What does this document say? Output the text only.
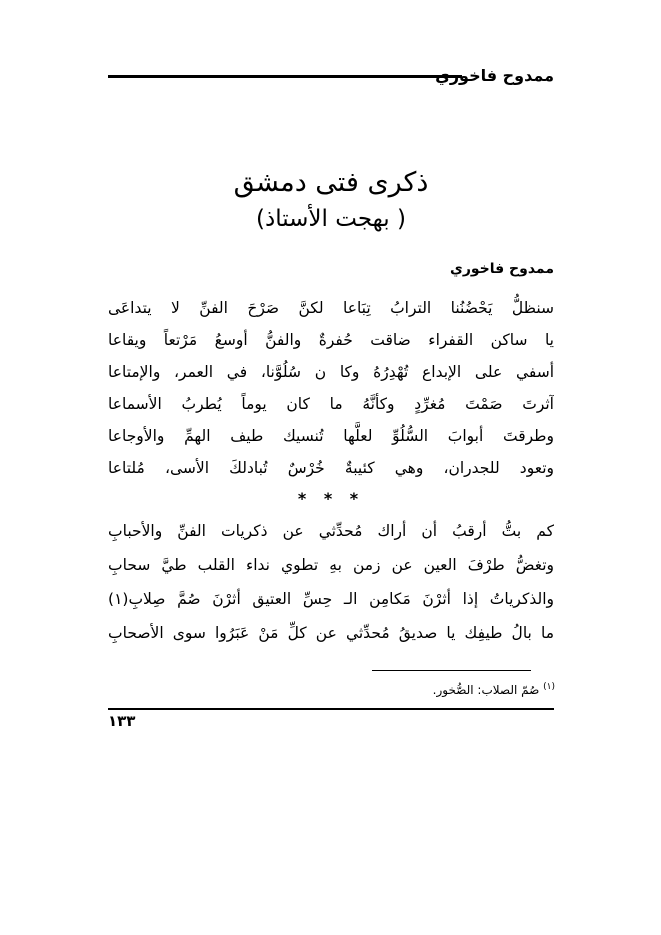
ممدوح فاخوري
ذكرى فتى دمشق
( بهجت الأستاذ)
ممدوح فاخوري
سنظلُّ يَحْضُنُنا الترابُ تِبَاعا لكنَّ صَرْحَ الفنِّ لا يتداعَى
يا ساكن القفراء ضاقت حُفرةٌ والفنُّ أوسعُ مَرْتعاً ويقاعا
أسفي على الإبداع تُهْدِرُهُ وكا ن سُلُوَّنا، في العمر، والإمتاعا
آثرتَ صَمْتَ مُغرِّدٍ وكأنَّهُ ما كان يوماً يُطربُ الأسماعا
وطرقتَ أبوابَ السُّلُوِّ لعلَّها تُنسيك طيف الهمِّ والأوجاعا
وتعود للجدران، وهي كئيبةٌ خُرْسٌ تُبادلكَ الأسى، مُلتاعا
* * *
كم بتُّ أرقبُ أن أراك مُحدِّثي عن ذكريات الفنِّ والأحبابِ
وتغضُّ طرْفَ العين عن زمن بهِ تطوي نداء القلب طيَّ سحابِ
والذكرياتُ إذا أثرْنَ مَكامِن الـ حِسِّ العتيق أثرْنَ صُمَّ صِلابِ(١)
ما بالُ طيفِك يا صديقُ مُحدِّثي عن كلِّ مَنْ عَبَرُوا سوى الأصحابِ
$^{(١)}$ صُمّ الصلاب: الصُّخور.
١٣٣
